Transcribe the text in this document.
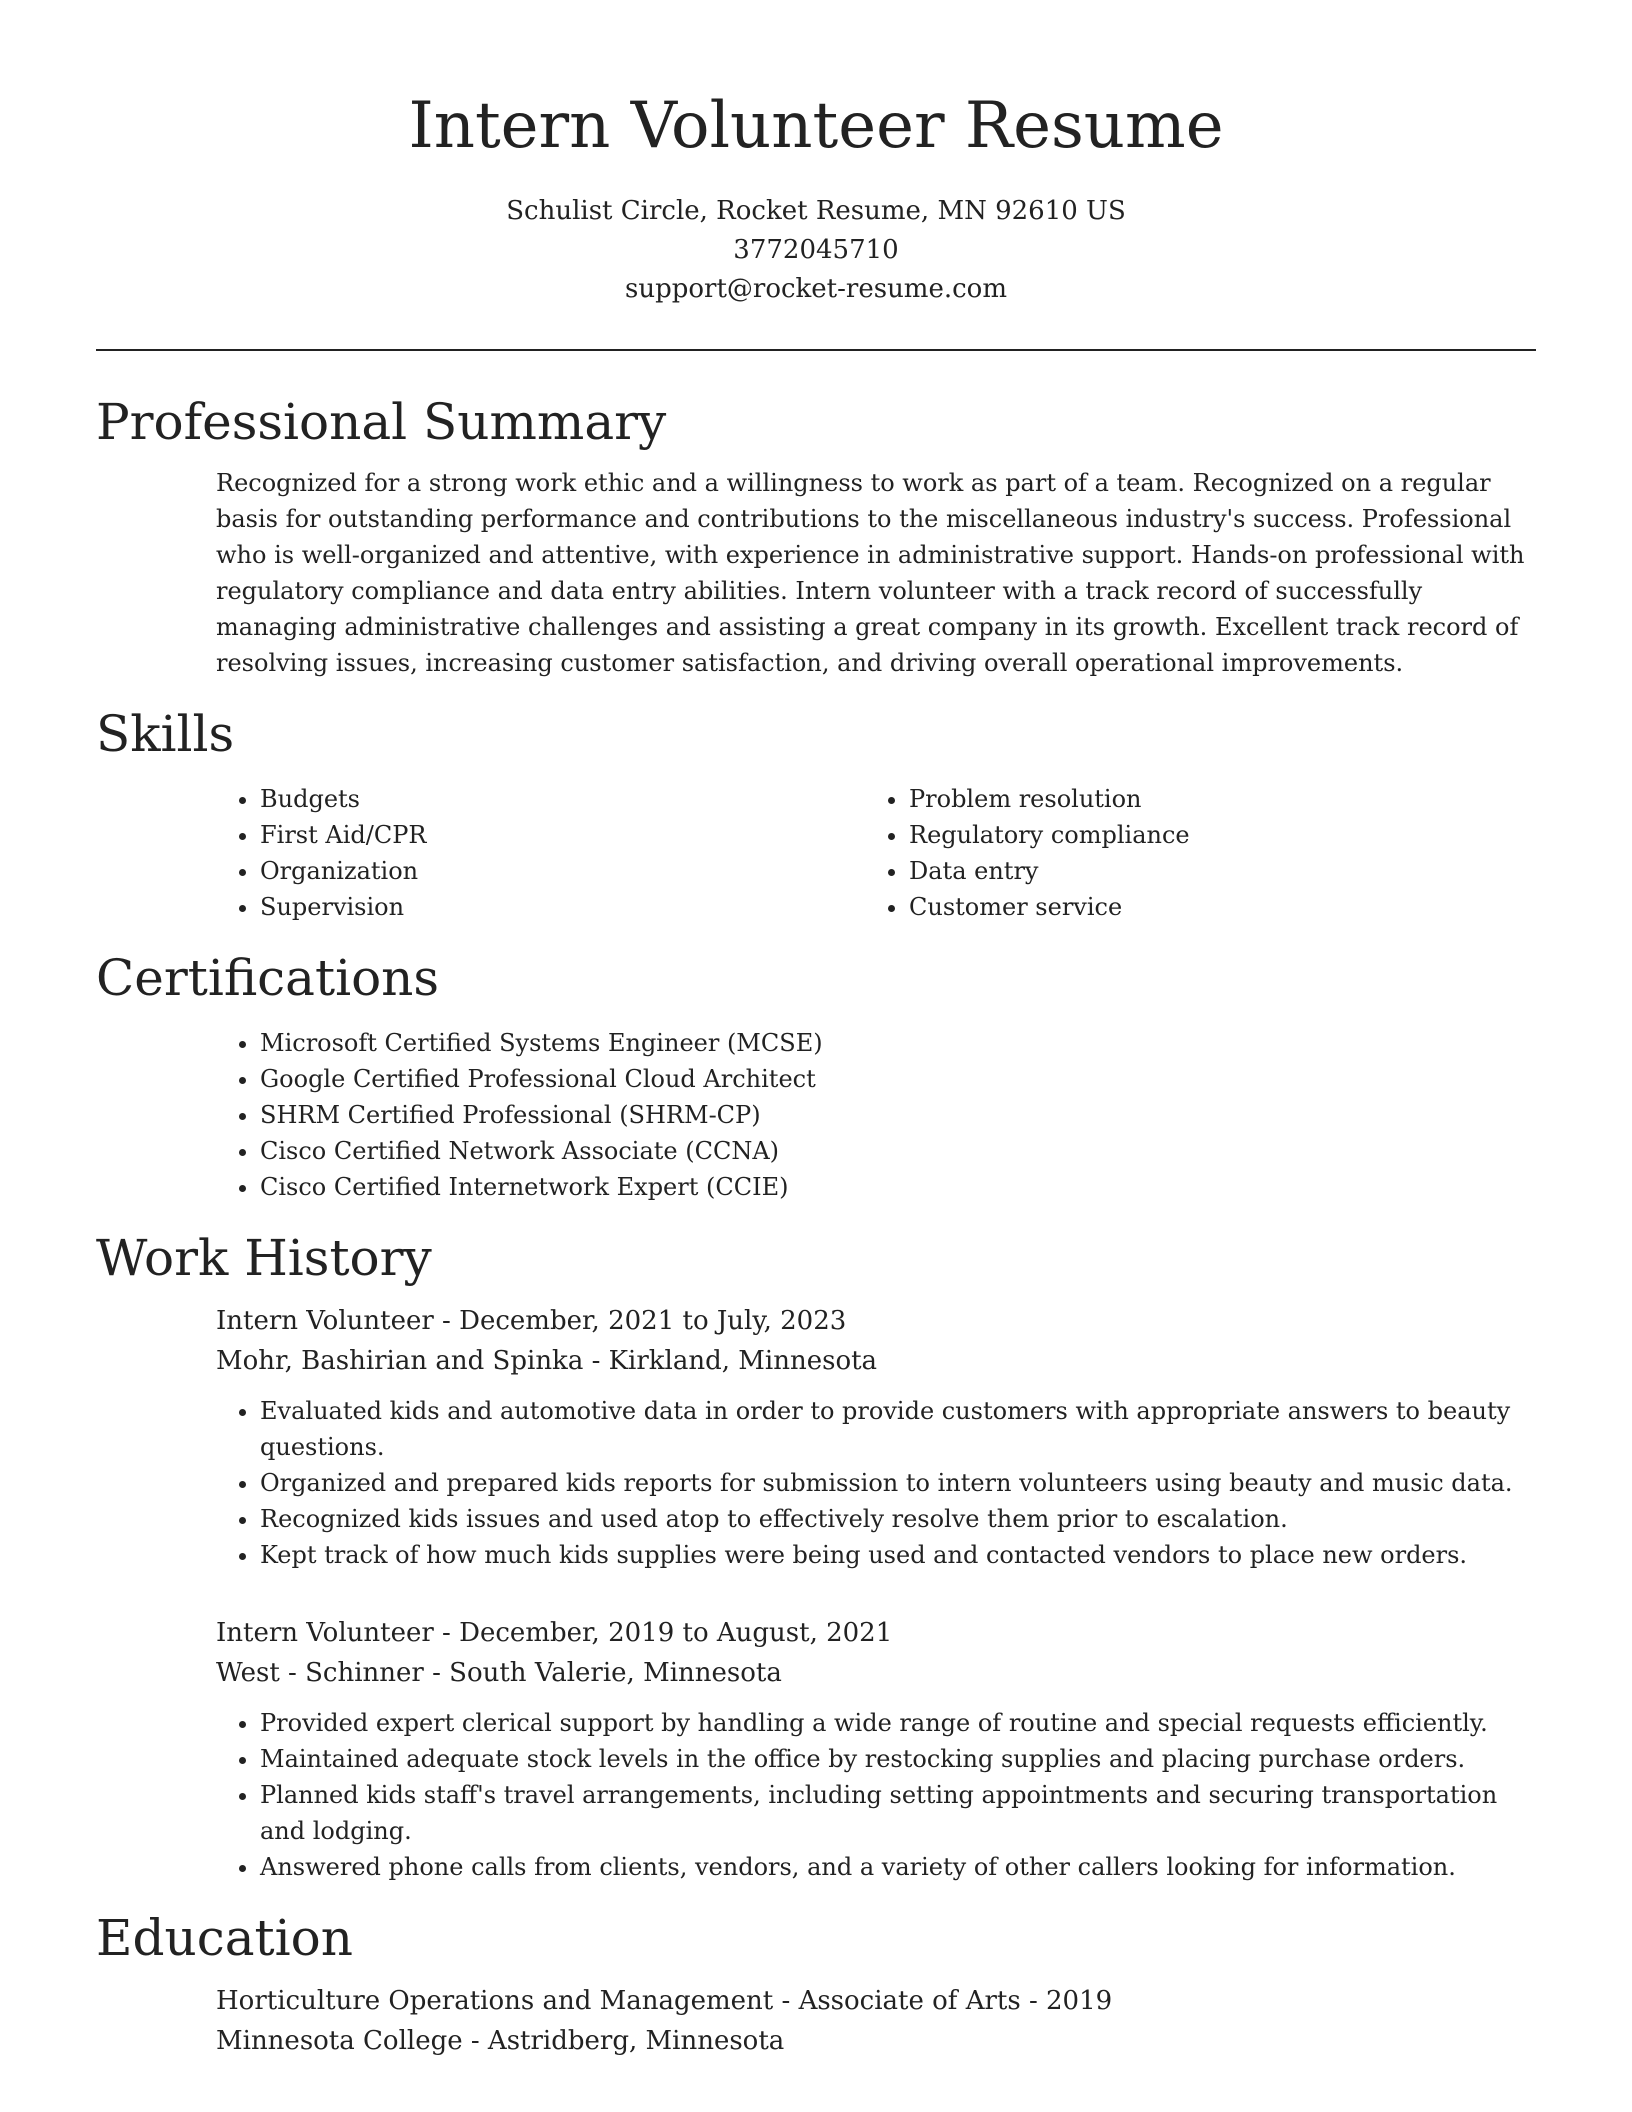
Intern Volunteer Resume
Schulist Circle, Rocket Resume, MN 92610 US
3772045710
support@rocket-resume.com
Professional Summary

Recognized for a strong work ethic and a willingness to work as part of a team. Recognized on a regular basis for outstanding performance and contributions to the miscellaneous industry's success. Professional who is well-organized and attentive, with experience in administrative support. Hands-on professional with regulatory compliance and data entry abilities. Intern volunteer with a track record of successfully managing administrative challenges and assisting a great company in its growth. Excellent track record of resolving issues, increasing customer satisfaction, and driving overall operational improvements.

Skills
• Budgets
• First Aid/CPR
• Organization
• Supervision
• Problem resolution
• Regulatory compliance
• Data entry
• Customer service
Certifications
• Microsoft Certified Systems Engineer (MCSE)
• Google Certified Professional Cloud Architect
• SHRM Certified Professional (SHRM-CP)
• Cisco Certified Network Associate (CCNA)
• Cisco Certified Internetwork Expert (CCIE)
Work History
Intern Volunteer - December, 2021 to July, 2023
Mohr, Bashirian and Spinka - Kirkland, Minnesota
• Evaluated kids and automotive data in order to provide customers with appropriate answers to beauty questions.
• Organized and prepared kids reports for submission to intern volunteers using beauty and music data.
• Recognized kids issues and used atop to effectively resolve them prior to escalation.
• Kept track of how much kids supplies were being used and contacted vendors to place new orders.
Intern Volunteer - December, 2019 to August, 2021
West - Schinner - South Valerie, Minnesota
• Provided expert clerical support by handling a wide range of routine and special requests efficiently.
• Maintained adequate stock levels in the office by restocking supplies and placing purchase orders.
• Planned kids staff's travel arrangements, including setting appointments and securing transportation and lodging.
• Answered phone calls from clients, vendors, and a variety of other callers looking for information.
Education
Horticulture Operations and Management - Associate of Arts - 2019
Minnesota College - Astridberg, Minnesota
